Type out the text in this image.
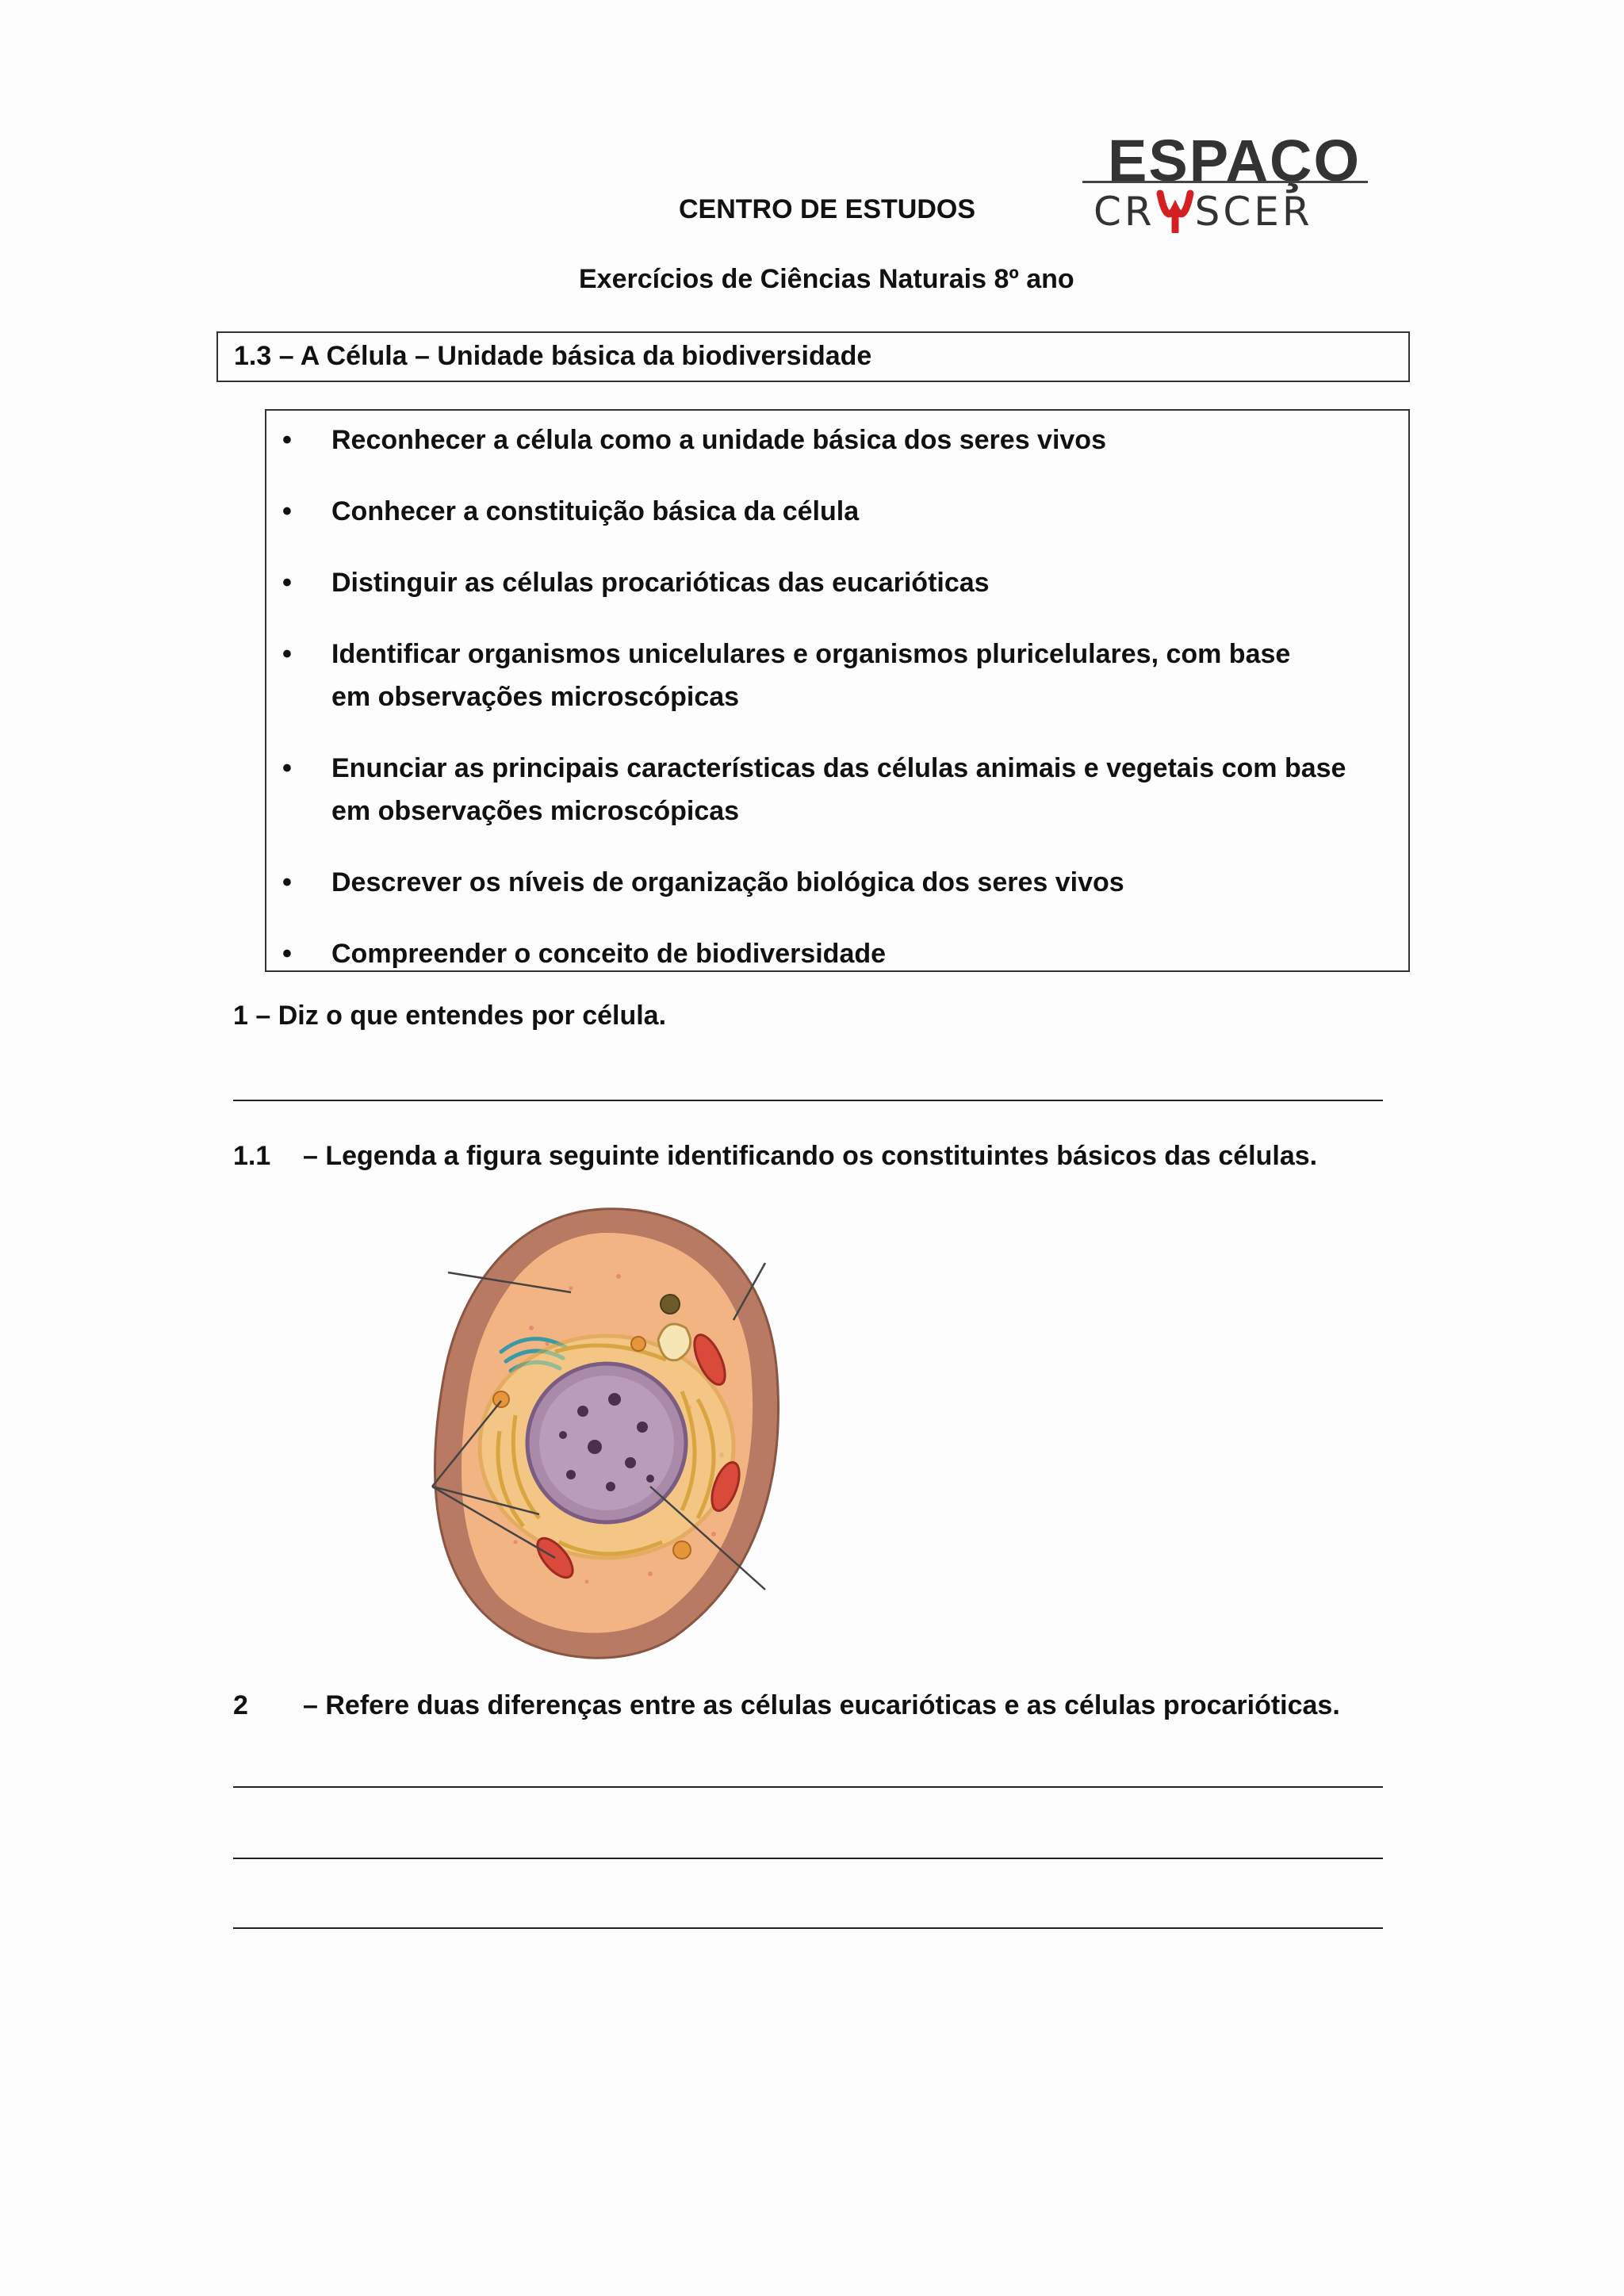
ESPAÇO
CR SCER
CENTRO DE ESTUDOS
Exercícios de Ciências Naturais 8º ano
1.3 – A Célula – Unidade básica da biodiversidade
• Reconhecer a célula como a unidade básica dos seres vivos
• Conhecer a constituição básica da célula
• Distinguir as células procarióticas das eucarióticas
• Identificar organismos unicelulares e organismos pluricelulares, com base em observações microscópicas
• Enunciar as principais características das células animais e vegetais com base em observações microscópicas
• Descrever os níveis de organização biológica dos seres vivos
• Compreender o conceito de biodiversidade
1 – Diz o que entendes por célula.
1.1 – Legenda a figura seguinte identificando os constituintes básicos das células.
2 – Refere duas diferenças entre as células eucarióticas e as células procarióticas.
